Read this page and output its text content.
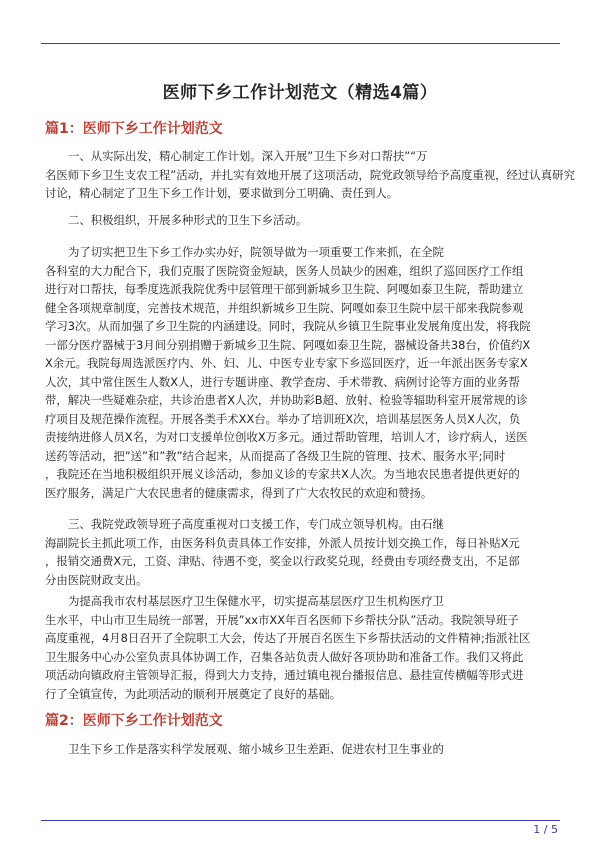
医师下乡工作计划范文（精选4篇）
篇1：医师下乡工作计划范文
一、从实际出发，精心制定工作计划。深入开展”卫生下乡对口帮扶”“万
名医师下乡卫生支农工程”活动，并扎实有效地开展了这项活动，院党政领导给予高度重视，经过认真研究
讨论，精心制定了卫生下乡工作计划，要求做到分工明确、责任到人。
二、积极组织，开展多种形式的卫生下乡活动。
为了切实把卫生下乡工作办实办好，院领导做为一项重要工作来抓，在全院
各科室的大力配合下，我们克服了医院资金短缺，医务人员缺少的困难，组织了巡回医疗工作组
进行对口帮扶，每季度选派我院优秀中层管理干部到新城乡卫生院、阿嘎如泰卫生院，帮助建立
健全各项规章制度，完善技术规范，并组织新城乡卫生院、阿嘎如泰卫生院中层干部来我院参观
学习3次。从而加强了乡卫生院的内涵建设。同时，我院从乡镇卫生院事业发展角度出发，将我院
一部分医疗器械于3月间分别捐赠于新城乡卫生院、阿嘎如泰卫生院，器械设备共38台，价值约X
X余元。我院每周选派医疗内、外、妇、儿、中医专业专家下乡巡回医疗，近一年派出医务专家X
人次，其中常住医生人数X人，进行专题讲座、教学查房、手术带教、病例讨论等方面的业务帮
带，解决一些疑难杂症，共诊治患者X人次，并协助彩B超、放射、检验等辐助科室开展常规的诊
疗项目及规范操作流程。开展各类手术XX台。举办了培训班X次，培训基层医务人员X人次，负
责接纳进修人员X名，为对口支援单位创收X万多元。通过帮助管理，培训人才，诊疗病人，送医
送药等活动，把”送”和”教”结合起来，从而提高了各级卫生院的管理、技术、服务水平;同时
，我院还在当地积极组织开展义诊活动，参加义诊的专家共X人次。为当地农民患者提供更好的
医疗服务，满足广大农民患者的健康需求，得到了广大农牧民的欢迎和赞扬。
三、我院党政领导班子高度重视对口支援工作，专门成立领导机构。由石继
海副院长主抓此项工作，由医务科负责具体工作安排，外派人员按计划交换工作，每日补贴X元
，报销交通费X元，工资、津贴、待遇不变，奖金以行政奖兑现，经费由专项经费支出，不足部
分由医院财政支出。
为提高我市农村基层医疗卫生保健水平，切实提高基层医疗卫生机构医疗卫
生水平，中山市卫生局统一部署，开展”xx市XX年百名医师下乡帮扶分队”活动。我院领导班子
高度重视，4月8日召开了全院职工大会，传达了开展百名医生下乡帮扶活动的文件精神;指派社区
卫生服务中心办公室负责具体协调工作，召集各站负责人做好各项协助和准备工作。我们又将此
项活动向镇政府主管领导汇报，得到大力支持，通过镇电视台播报信息、悬挂宣传横幅等形式进
行了全镇宣传，为此项活动的顺利开展奠定了良好的基础。
篇2：医师下乡工作计划范文
卫生下乡工作是落实科学发展观、缩小城乡卫生差距、促进农村卫生事业的
1 / 5
